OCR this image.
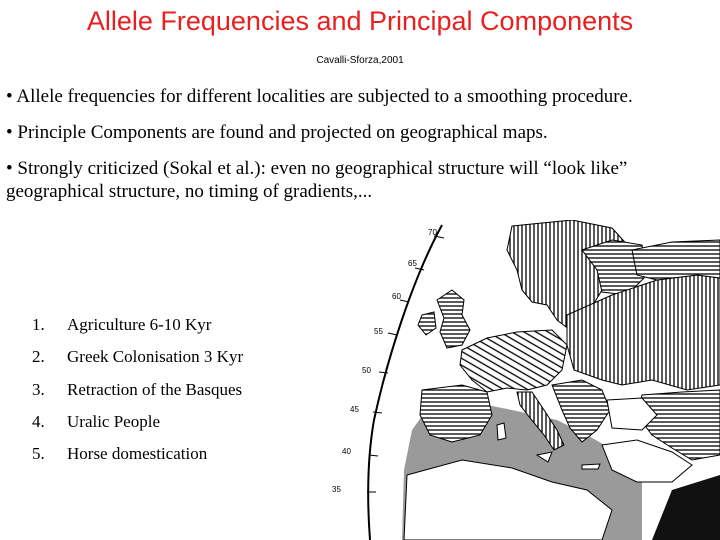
Allele Frequencies and Principal Components
Cavalli-Sforza,2001
• Allele frequencies for different localities are subjected to a smoothing procedure.
• Principle Components are found and projected on geographical maps.
• Strongly criticized (Sokal et al.): even no geographical structure will “look like” geographical structure, no timing of gradients,...
1.	Agriculture 6-10 Kyr
2.	Greek Colonisation 3 Kyr
3.	Retraction of the Basques
4.	Uralic People
5.	Horse domestication
70
65
60
55
50
45
40
35
